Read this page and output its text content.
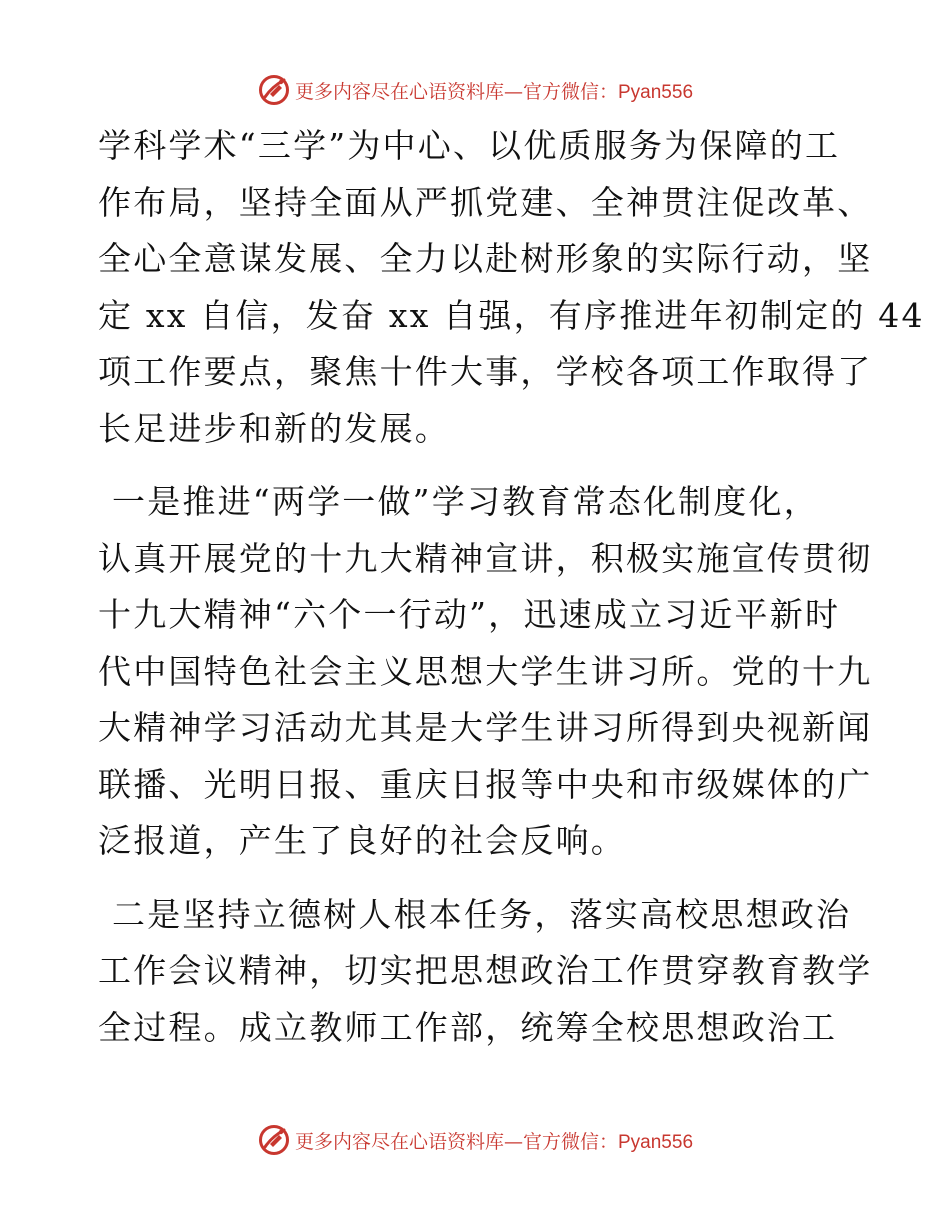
更多内容尽在心语资料库—官方微信：Pyan556
学科学术“三学”为中心、以优质服务为保障的工
作布局，坚持全面从严抓党建、全神贯注促改革、
全心全意谋发展、全力以赴树形象的实际行动，坚
定 xx 自信，发奋 xx 自强，有序推进年初制定的 44
项工作要点，聚焦十件大事，学校各项工作取得了
长足进步和新的发展。
一是推进“两学一做”学习教育常态化制度化，
认真开展党的十九大精神宣讲，积极实施宣传贯彻
十九大精神“六个一行动”，迅速成立习近平新时
代中国特色社会主义思想大学生讲习所。党的十九
大精神学习活动尤其是大学生讲习所得到央视新闻
联播、光明日报、重庆日报等中央和市级媒体的广
泛报道，产生了良好的社会反响。
二是坚持立德树人根本任务，落实高校思想政治
工作会议精神，切实把思想政治工作贯穿教育教学
全过程。成立教师工作部，统筹全校思想政治工
更多内容尽在心语资料库—官方微信：Pyan556
